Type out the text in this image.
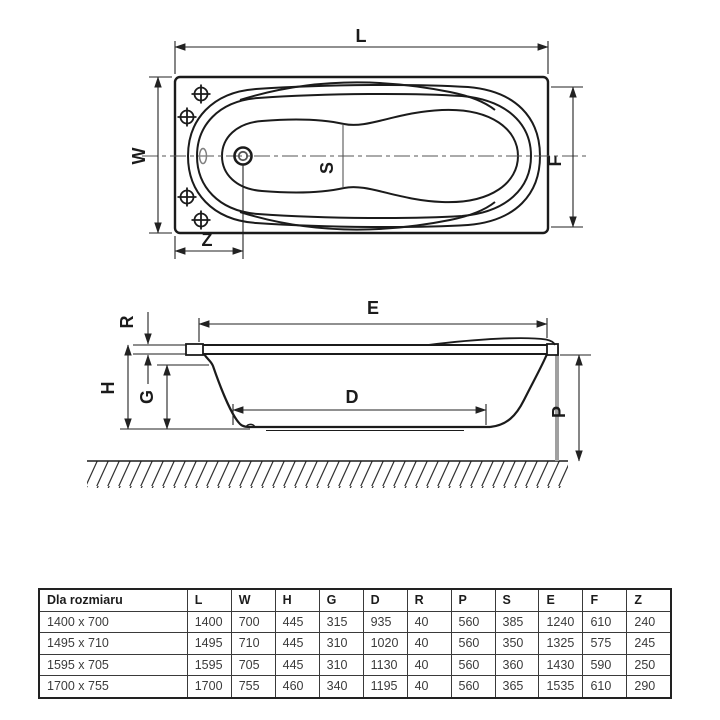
L
W	F
S
Z
E
R
H
G	D
P
Dla rozmiaru	L	W	H	G	D	R	P	S	E	F	Z
1400 x 700	1400	700	445	315	935	40	560	385	1240	610	240
1495 x 710	1495	710	445	310	1020	40	560	350	1325	575	245
1595 x 705	1595	705	445	310	1130	40	560	360	1430	590	250
1700 x 755	1700	755	460	340	1195	40	560	365	1535	610	290
